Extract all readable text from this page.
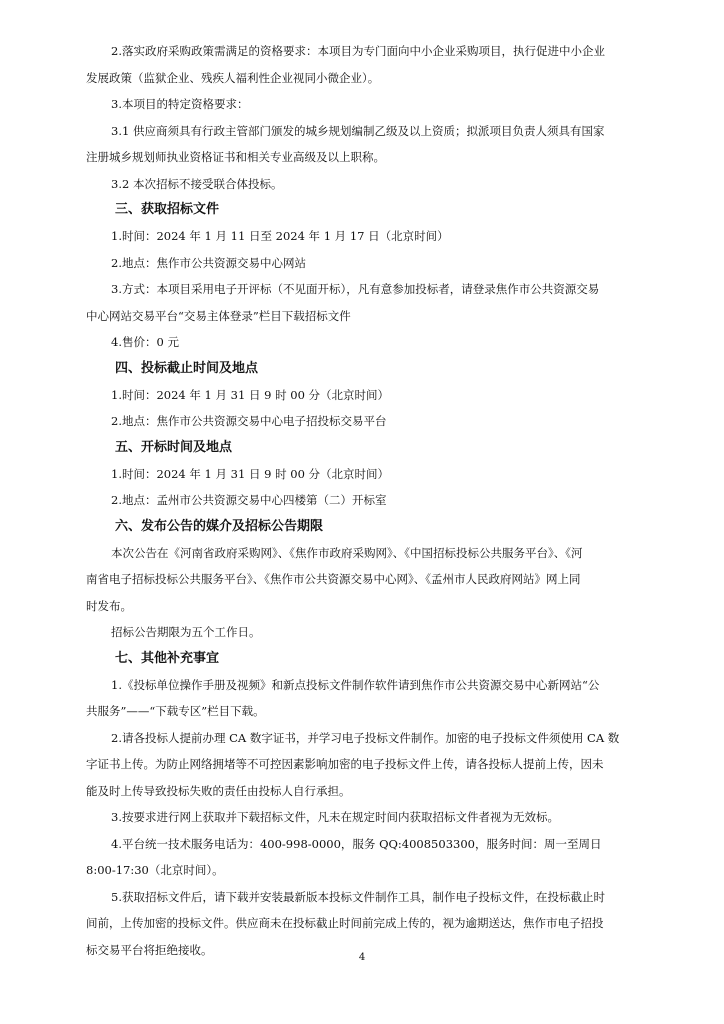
2.落实政府采购政策需满足的资格要求：本项目为专门面向中小企业采购项目，执行促进中小企业

发展政策（监狱企业、残疾人福利性企业视同小微企业）。

3.本项目的特定资格要求：

3.1 供应商须具有行政主管部门颁发的城乡规划编制乙级及以上资质；拟派项目负责人须具有国家

注册城乡规划师执业资格证书和相关专业高级及以上职称。

3.2 本次招标不接受联合体投标。

三、获取招标文件

1.时间：2024 年 1 月 11 日至 2024 年 1 月 17 日（北京时间）

2.地点：焦作市公共资源交易中心网站

3.方式：本项目采用电子开评标（不见面开标），凡有意参加投标者，请登录焦作市公共资源交易

中心网站交易平台“交易主体登录”栏目下载招标文件

4.售价：0 元

四、投标截止时间及地点

1.时间：2024 年 1 月 31 日 9 时 00 分（北京时间）

2.地点：焦作市公共资源交易中心电子招投标交易平台

五、开标时间及地点

1.时间：2024 年 1 月 31 日 9 时 00 分（北京时间）

2.地点：孟州市公共资源交易中心四楼第（二）开标室

六、发布公告的媒介及招标公告期限

本次公告在《河南省政府采购网》、《焦作市政府采购网》、《中国招标投标公共服务平台》、《河

南省电子招标投标公共服务平台》、《焦作市公共资源交易中心网》、《孟州市人民政府网站》网上同

时发布。

招标公告期限为五个工作日。

七、其他补充事宜

1.《投标单位操作手册及视频》和新点投标文件制作软件请到焦作市公共资源交易中心新网站“公

共服务”——“下载专区”栏目下载。

2.请各投标人提前办理 CA 数字证书，并学习电子投标文件制作。加密的电子投标文件须使用 CA 数

字证书上传。为防止网络拥堵等不可控因素影响加密的电子投标文件上传，请各投标人提前上传，因未

能及时上传导致投标失败的责任由投标人自行承担。

3.按要求进行网上获取并下载招标文件，凡未在规定时间内获取招标文件者视为无效标。

4.平台统一技术服务电话为：400-998-0000，服务 QQ:4008503300，服务时间：周一至周日

8:00-17:30（北京时间）。

5.获取招标文件后，请下载并安装最新版本投标文件制作工具，制作电子投标文件，在投标截止时

间前，上传加密的投标文件。供应商未在投标截止时间前完成上传的，视为逾期送达，焦作市电子招投

标交易平台将拒绝接收。

4
